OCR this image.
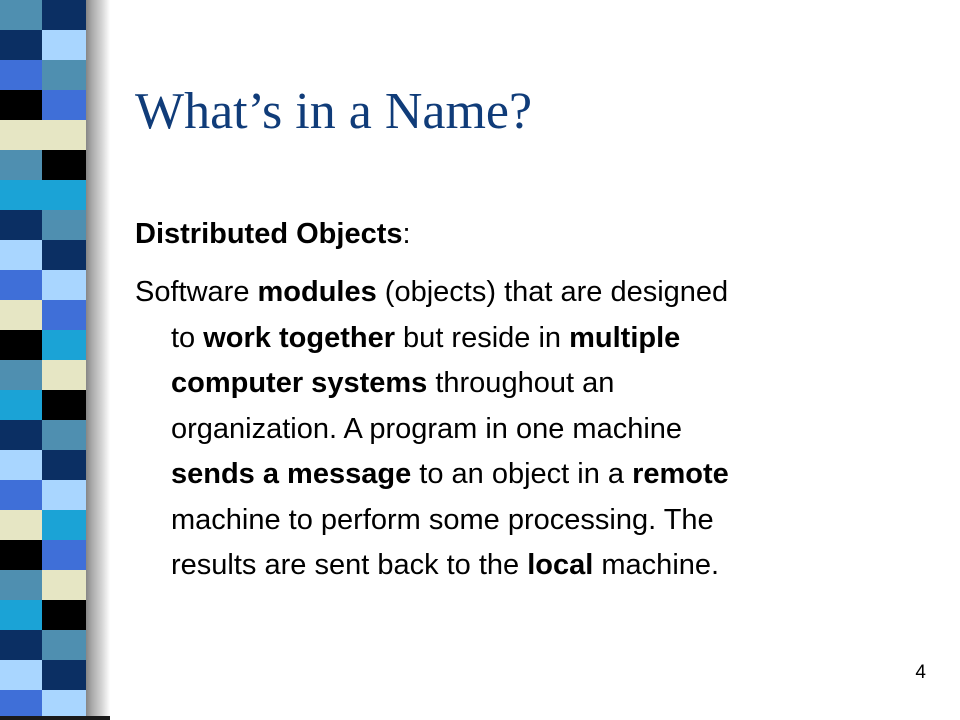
What’s in a Name?
Distributed Objects:
Software modules (objects) that are designed
to work together but reside in multiple
computer systems throughout an
organization. A program in one machine
sends a message to an object in a remote
machine to perform some processing. The
results are sent back to the local machine.
4
